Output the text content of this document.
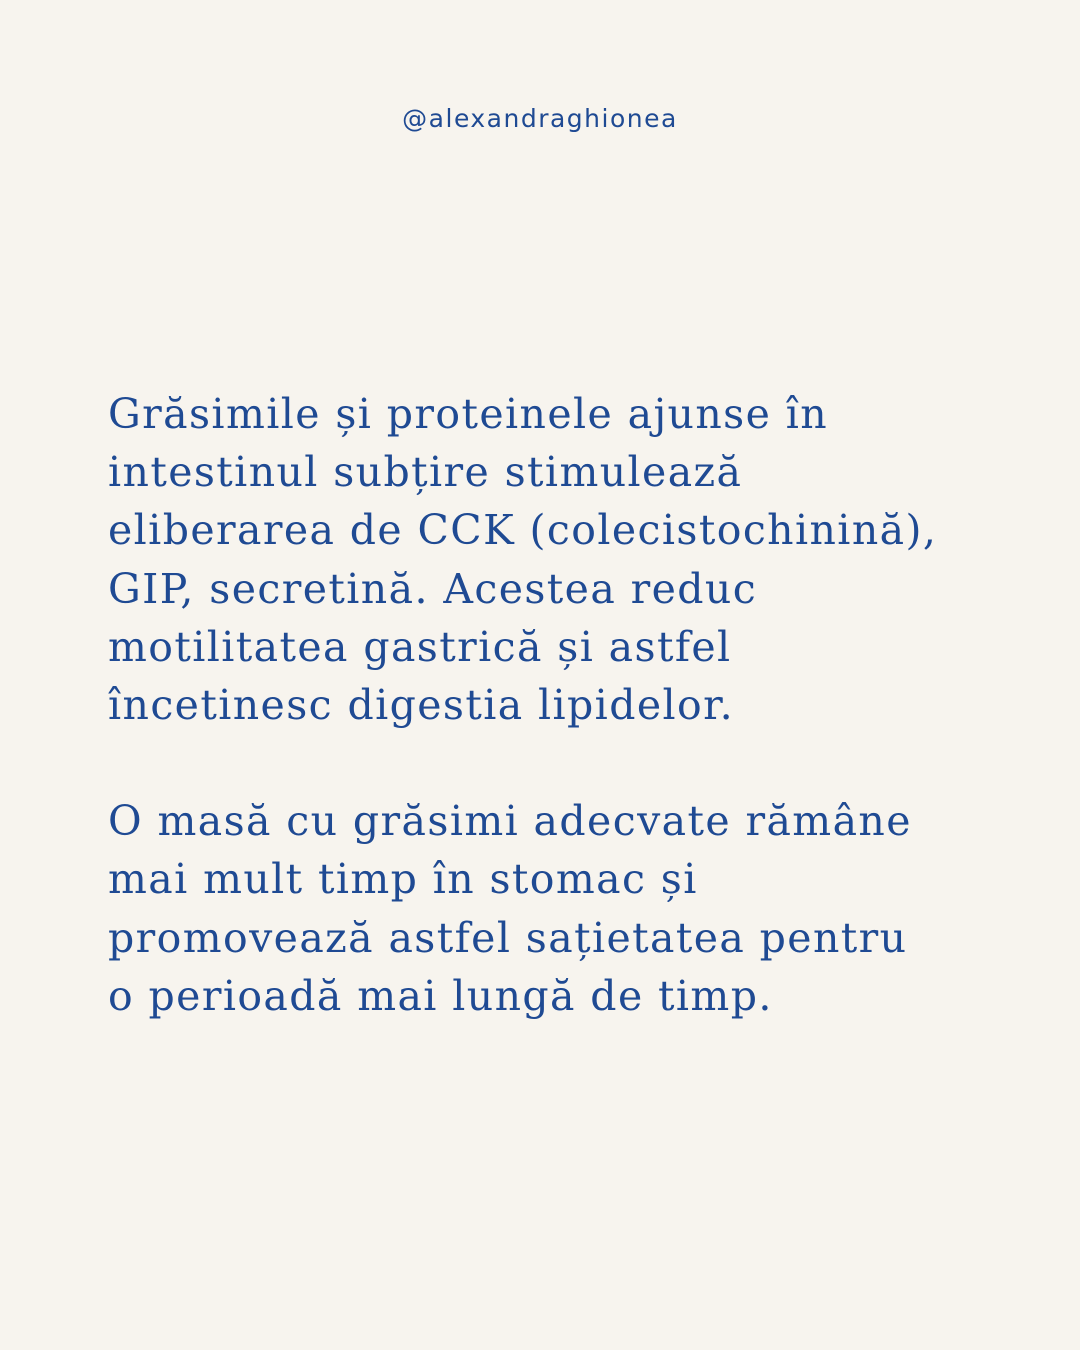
@alexandraghionea

Grăsimile și proteinele ajunse în
intestinul subțire stimulează
eliberarea de CCK (colecistochinină),
GIP, secretină. Acestea reduc
motilitatea gastrică și astfel
încetinesc digestia lipidelor.

O masă cu grăsimi adecvate rămâne
mai mult timp în stomac și
promovează astfel sațietatea pentru
o perioadă mai lungă de timp.
